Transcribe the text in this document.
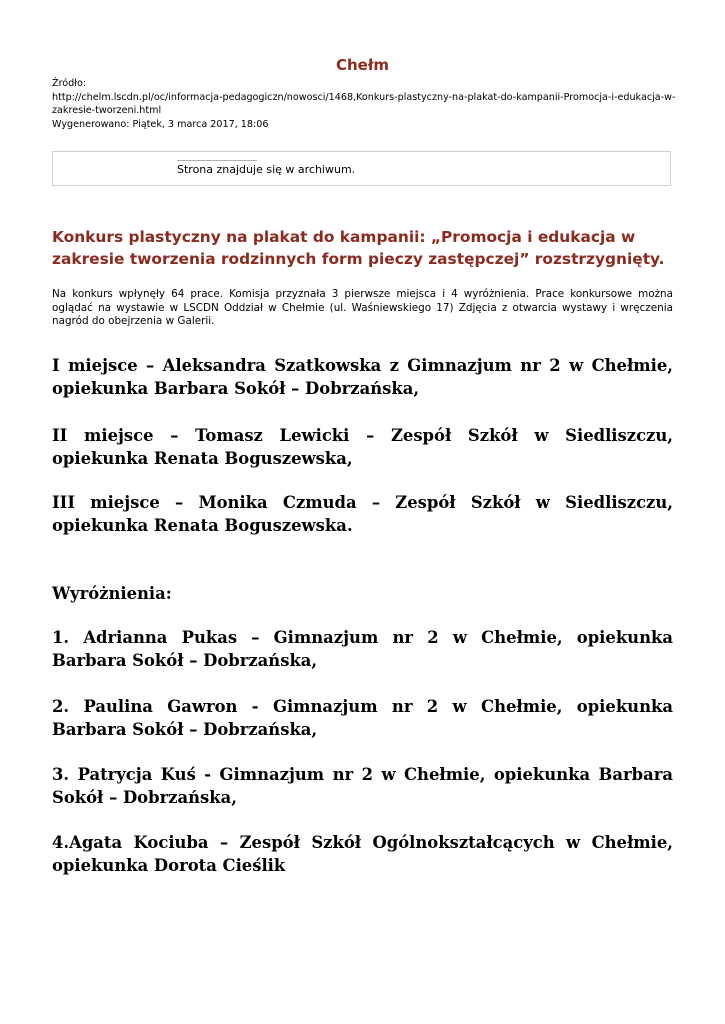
Chełm
Źródło:
http://chelm.lscdn.pl/oc/informacja-pedagogiczn/nowosci/1468,Konkurs-plastyczny-na-plakat-do-kampanii-Promocja-i-edukacja-w-zakresie-tworzeni.html
Wygenerowano: Piątek, 3 marca 2017, 18:06
Strona znajduje się w archiwum.
Konkurs plastyczny na plakat do kampanii: „Promocja i edukacja w zakresie tworzenia rodzinnych form pieczy zastępczej” rozstrzygnięty.
Na konkurs wpłynęły 64 prace. Komisja przyznała 3 pierwsze miejsca i 4 wyróżnienia. Prace konkursowe można oglądać na wystawie w LSCDN Oddział w Chełmie (ul. Waśniewskiego 17) Zdjęcia z otwarcia wystawy i wręczenia nagród do obejrzenia w Galerii.
I miejsce – Aleksandra Szatkowska z Gimnazjum nr 2 w Chełmie, opiekunka Barbara Sokół – Dobrzańska,
II miejsce – Tomasz Lewicki – Zespół Szkół w Siedliszczu, opiekunka Renata Boguszewska,
III miejsce – Monika Czmuda – Zespół Szkół w Siedliszczu, opiekunka Renata Boguszewska.
Wyróżnienia:
1. Adrianna Pukas – Gimnazjum nr 2 w Chełmie, opiekunka Barbara Sokół – Dobrzańska,
2. Paulina Gawron - Gimnazjum nr 2 w Chełmie, opiekunka Barbara Sokół – Dobrzańska,
3. Patrycja Kuś - Gimnazjum nr 2 w Chełmie, opiekunka Barbara Sokół – Dobrzańska,
4.Agata Kociuba – Zespół Szkół Ogólnokształcących w Chełmie, opiekunka Dorota Cieślik
